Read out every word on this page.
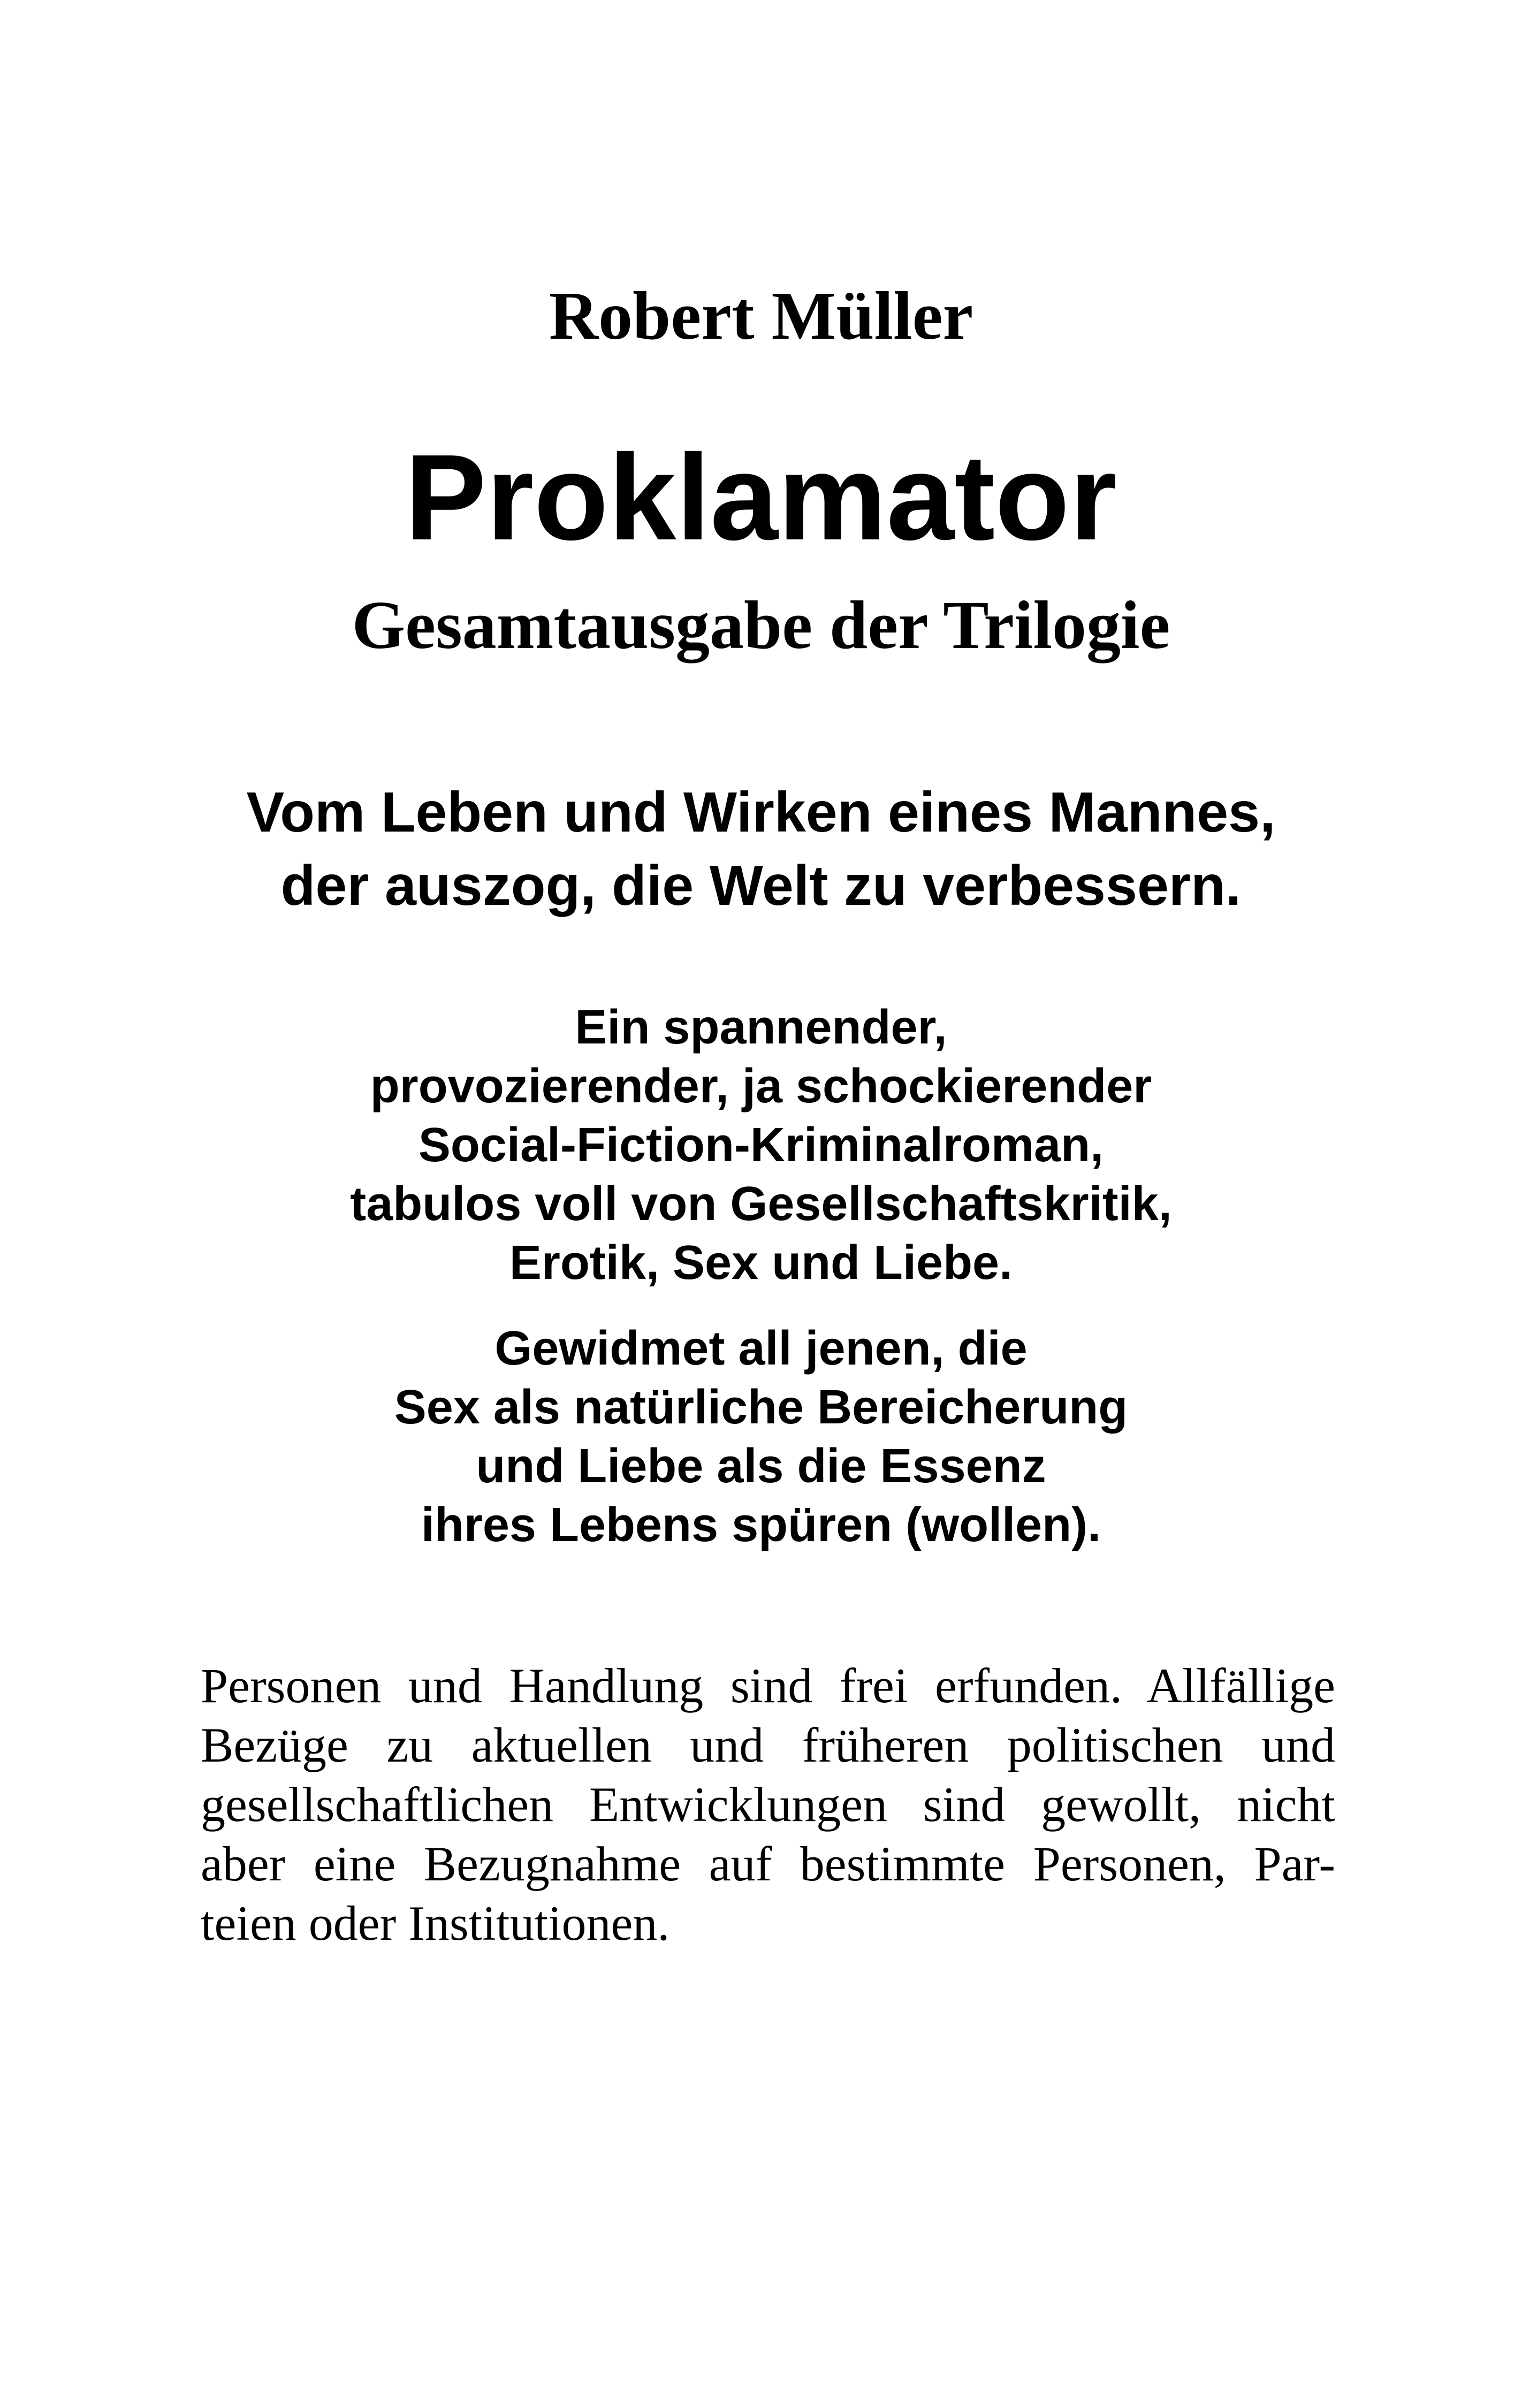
Robert Müller
Proklamator
Gesamtausgabe der Trilogie
Vom Leben und Wirken eines Mannes,
der auszog, die Welt zu verbessern.
Ein spannender,
provozierender, ja schockierender
Social-Fiction-Kriminalroman,
tabulos voll von Gesellschaftskritik,
Erotik, Sex und Liebe.
Gewidmet all jenen, die
Sex als natürliche Bereicherung
und Liebe als die Essenz
ihres Lebens spüren (wollen).

Personen und Handlung sind frei erfunden. Allfällige
Bezüge zu aktuellen und früheren politischen und
gesellschaftlichen Entwicklungen sind gewollt, nicht
aber eine Bezugnahme auf bestimmte Personen, Par-
teien oder Institutionen.
